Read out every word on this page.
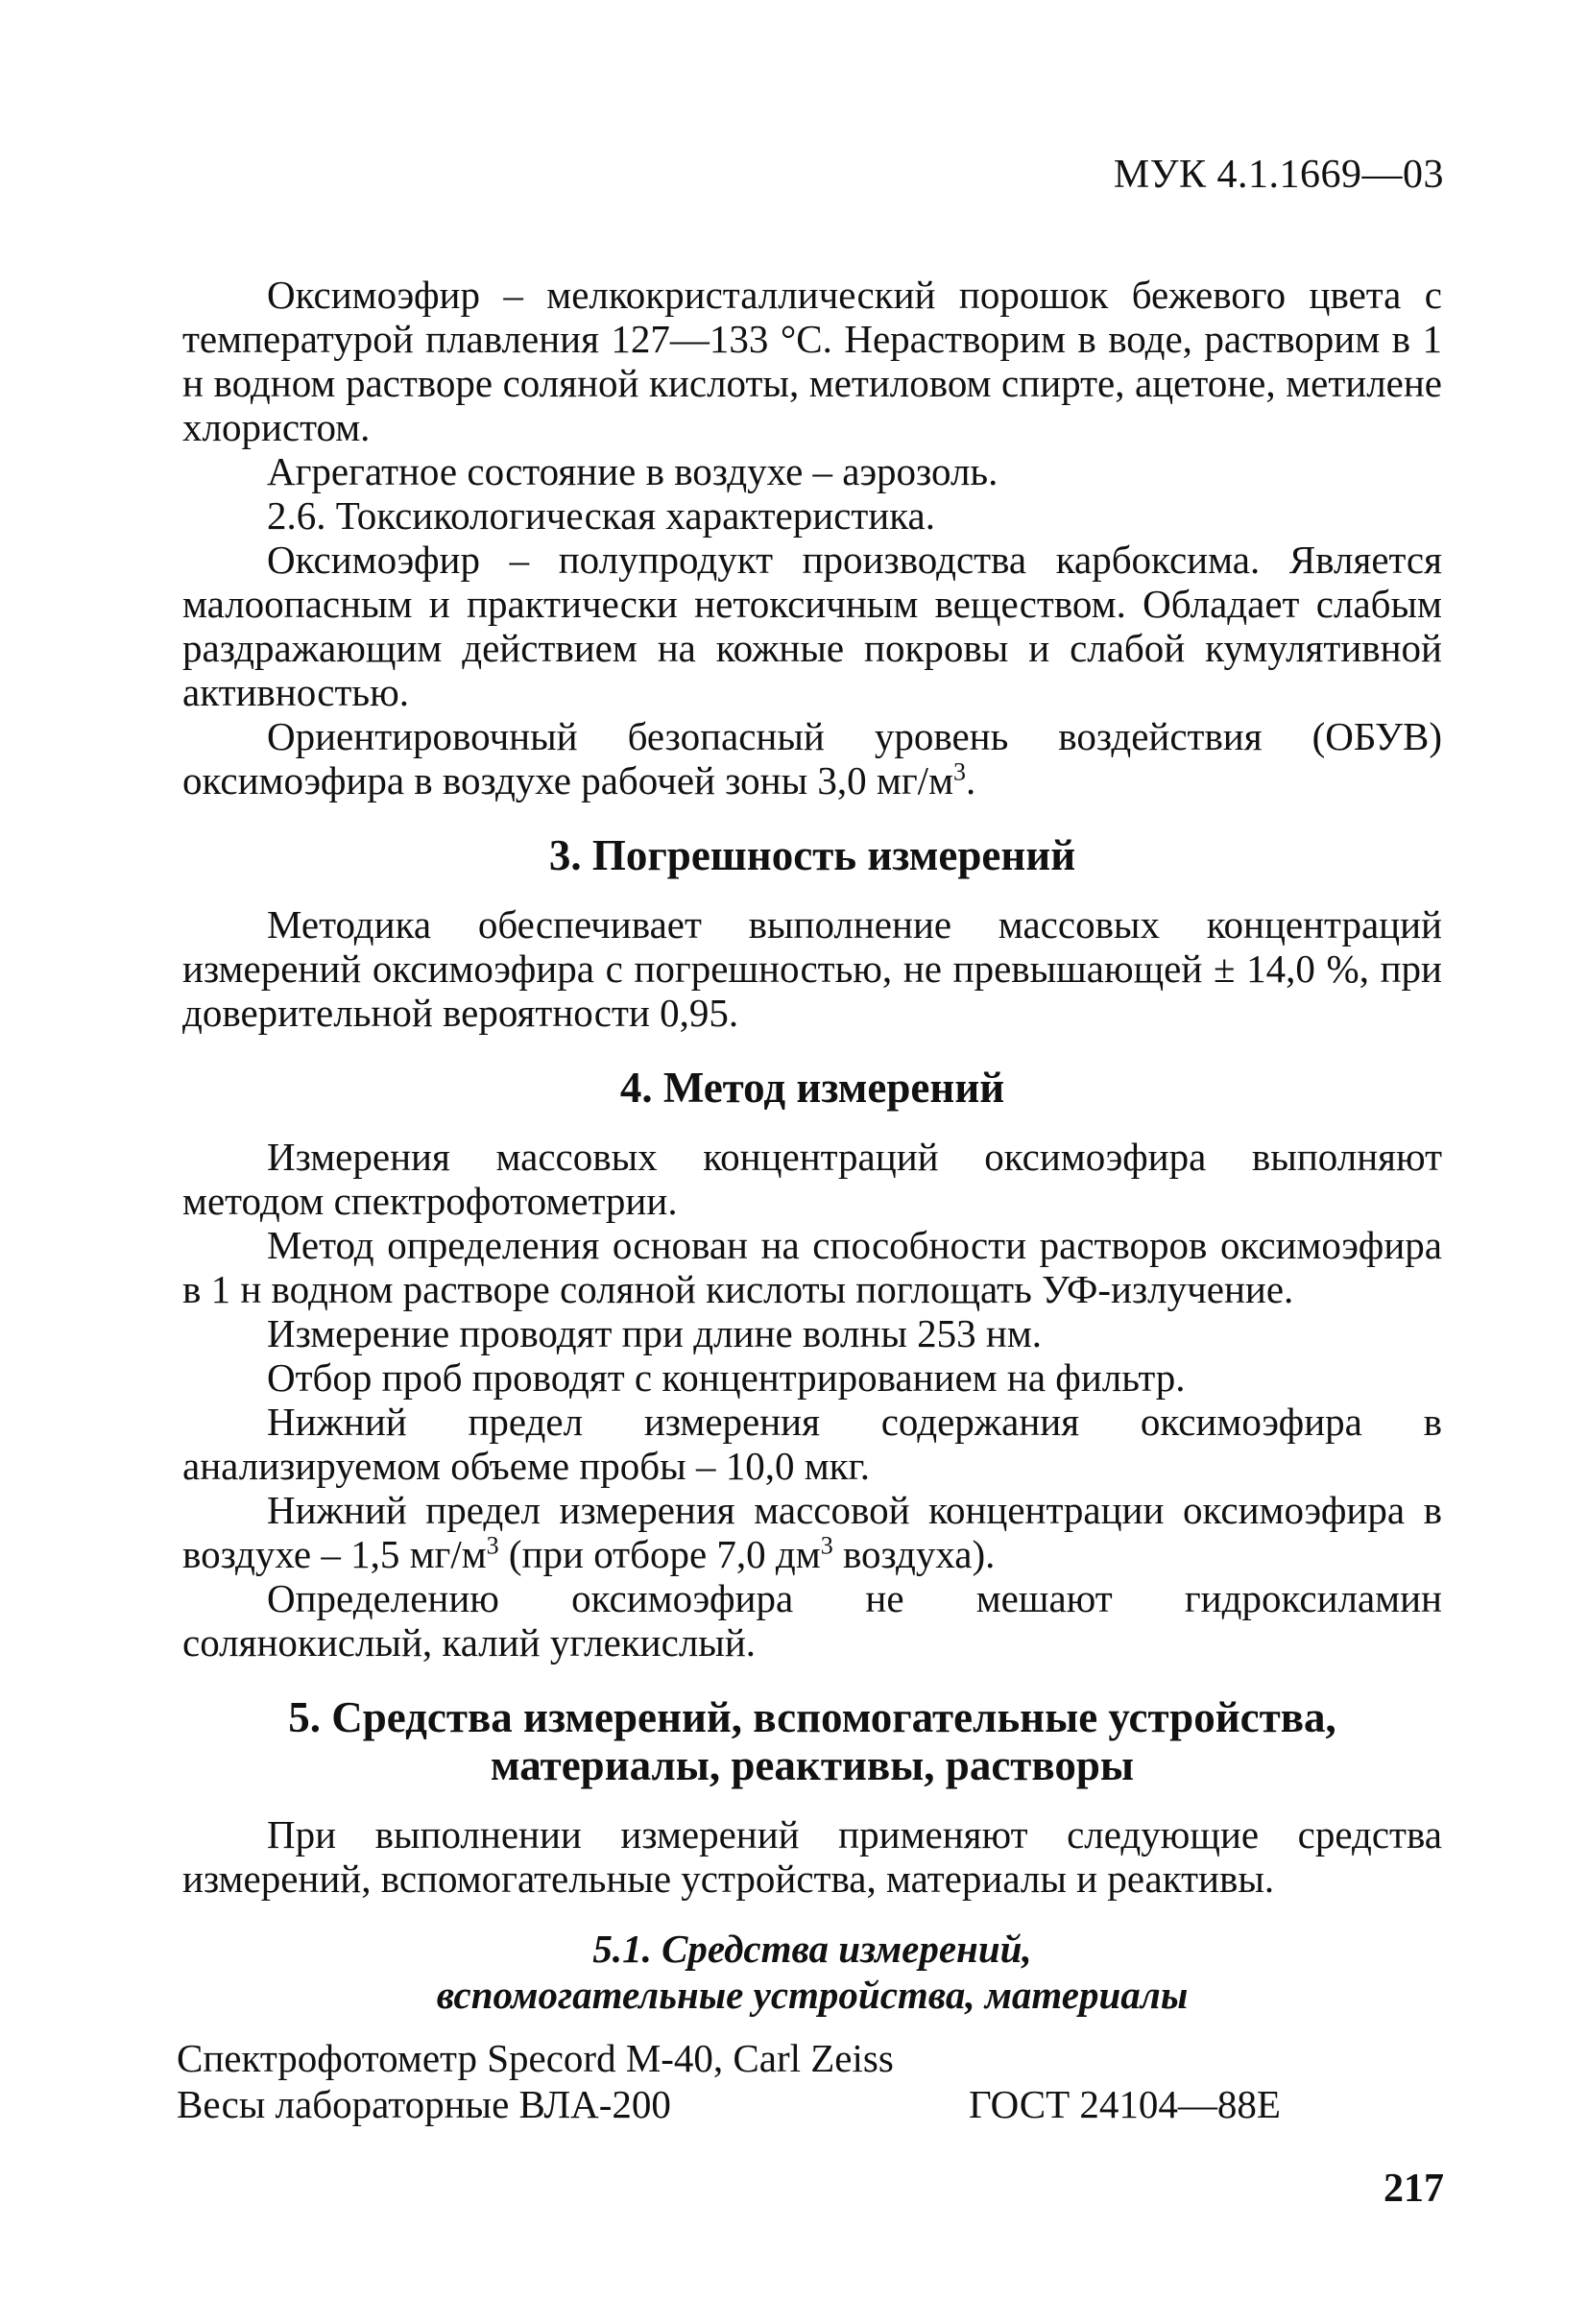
МУК 4.1.1669—03

Оксимоэфир – мелкокристаллический порошок бежевого цвета с температурой плавления 127—133 °С. Нерастворим в воде, растворим в 1 н водном растворе соляной кислоты, метиловом спирте, ацетоне, метилене хлористом.

Агрегатное состояние в воздухе – аэрозоль.

2.6. Токсикологическая характеристика.

Оксимоэфир – полупродукт производства карбоксима. Является малоопасным и практически нетоксичным веществом. Обладает слабым раздражающим действием на кожные покровы и слабой кумулятивной активностью.

Ориентировочный безопасный уровень воздействия (ОБУВ) оксимоэфира в воздухе рабочей зоны 3,0 $мг/м^3$.

3. Погрешность измерений

Методика обеспечивает выполнение массовых концентраций измерений оксимоэфира с погрешностью, не превышающей ± 14,0 %, при доверительной вероятности 0,95.

4. Метод измерений

Измерения массовых концентраций оксимоэфира выполняют методом спектрофотометрии.

Метод определения основан на способности растворов оксимоэфира в 1 н водном растворе соляной кислоты поглощать УФ-излучение.

Измерение проводят при длине волны 253 нм.

Отбор проб проводят с концентрированием на фильтр.

Нижний предел измерения содержания оксимоэфира в анализируемом объеме пробы – 10,0 мкг.

Нижний предел измерения массовой концентрации оксимоэфира в воздухе – 1,5 $мг/м^3$ (при отборе 7,0 $дм^3$ воздуха).

Определению оксимоэфира не мешают гидроксиламин солянокислый, калий углекислый.

5. Средства измерений, вспомогательные устройства,
материалы, реактивы, растворы

При выполнении измерений применяют следующие средства измерений, вспомогательные устройства, материалы и реактивы.

5.1. Средства измерений,
вспомогательные устройства, материалы
Спектрофотометр Specord M-40, Carl Zeiss
Весы лабораторные ВЛА-200	ГОСТ 24104—88Е
217
